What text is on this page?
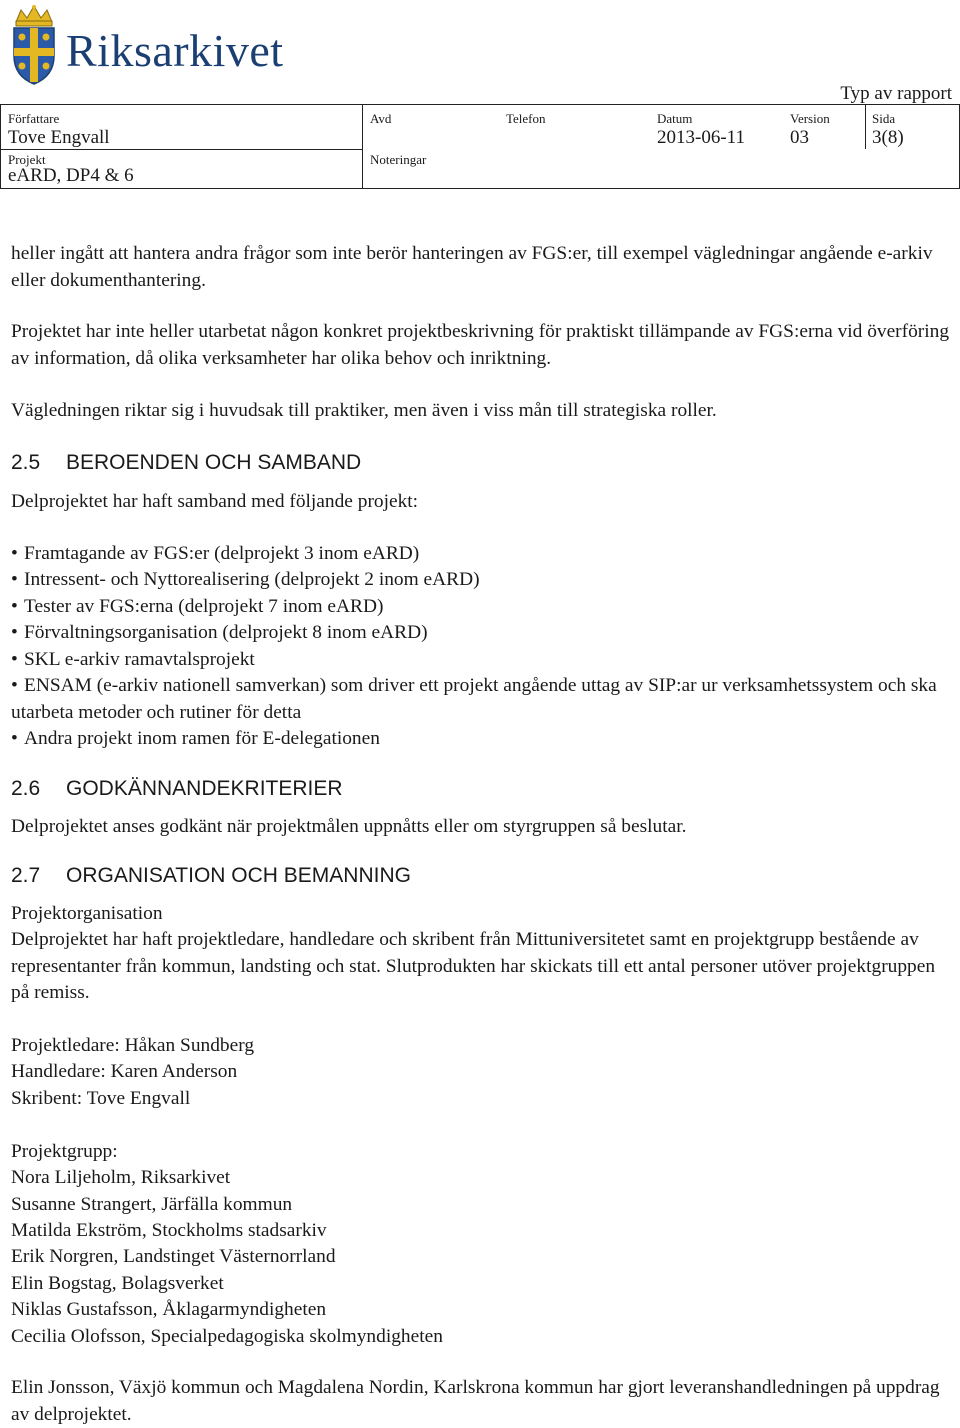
Riksarkivet
Typ av rapport
Författare
Tove Engvall
Avd	Telefon	Datum
2013-06-11
Version
03
Sida
3(8)
Projekt
eARD, DP4 & 6
Noteringar

heller ingått att hantera andra frågor som inte berör hanteringen av FGS:er, till exempel vägledningar angående e-arkiv eller dokumenthantering.

Projektet har inte heller utarbetat någon konkret projektbeskrivning för praktiskt tillämpande av FGS:erna vid överföring av information, då olika verksamheter har olika behov och inriktning.

Vägledningen riktar sig i huvudsak till praktiker, men även i viss mån till strategiska roller.

2.5 BEROENDEN OCH SAMBAND

Delprojektet har haft samband med följande projekt:

• Framtagande av FGS:er (delprojekt 3 inom eARD)
• Intressent- och Nyttorealisering (delprojekt 2 inom eARD)
• Tester av FGS:erna (delprojekt 7 inom eARD)
• Förvaltningsorganisation (delprojekt 8 inom eARD)
• SKL e-arkiv ramavtalsprojekt
• ENSAM (e-arkiv nationell samverkan) som driver ett projekt angående uttag av SIP:ar ur verksamhetssystem och ska utarbeta metoder och rutiner för detta
• Andra projekt inom ramen för E-delegationen
2.6 GODKÄNNANDEKRITERIER

Delprojektet anses godkänt när projektmålen uppnåtts eller om styrgruppen så beslutar.

2.7 ORGANISATION OCH BEMANNING
Projektorganisation

Delprojektet har haft projektledare, handledare och skribent från Mittuniversitetet samt en projektgrupp bestående av representanter från kommun, landsting och stat. Slutprodukten har skickats till ett antal personer utöver projektgruppen på remiss.

Projektledare: Håkan Sundberg
Handledare: Karen Anderson
Skribent: Tove Engvall
Projektgrupp:
Nora Liljeholm, Riksarkivet
Susanne Strangert, Järfälla kommun
Matilda Ekström, Stockholms stadsarkiv
Erik Norgren, Landstinget Västernorrland
Elin Bogstag, Bolagsverket
Niklas Gustafsson, Åklagarmyndigheten
Cecilia Olofsson, Specialpedagogiska skolmyndigheten

Elin Jonsson, Växjö kommun och Magdalena Nordin, Karlskrona kommun har gjort leveranshandledningen på uppdrag av delprojektet.
